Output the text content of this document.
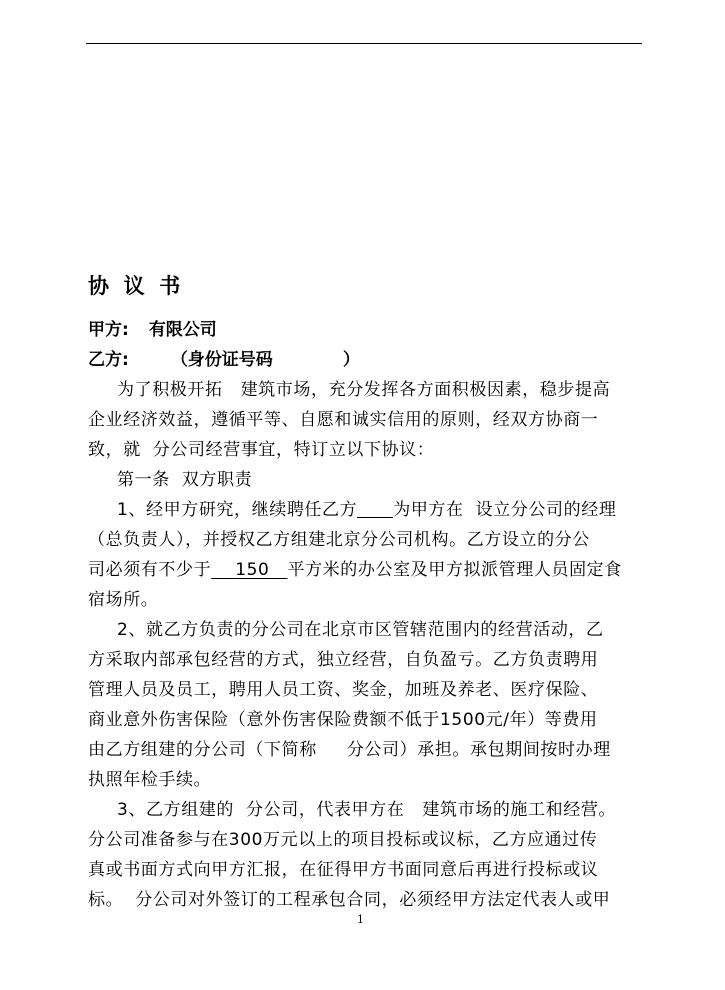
协  议  书
甲方: 有限公司
乙方: （身份证号码	）
为了积极开拓   建筑市场，充分发挥各方面积极因素，稳步提高
企业经济效益，遵循平等、自愿和诚实信用的原则，经双方协商一
致，就  分公司经营事宜，特订立以下协议：
第一条  双方职责
1、经甲方研究，继续聘任乙方 为甲方在  设立分公司的经理
（总负责人），并授权乙方组建北京分公司机构。乙方设立的分公
司必须有不少于 150 平方米的办公室及甲方拟派管理人员固定食
宿场所。
2、就乙方负责的分公司在北京市区管辖范围内的经营活动，乙
方采取内部承包经营的方式，独立经营，自负盈亏。乙方负责聘用
管理人员及员工，聘用人员工资、奖金，加班及养老、医疗保险、
商业意外伤害保险（意外伤害保险费额不低于1500元/年）等费用
由乙方组建的分公司（下简称     分公司）承担。承包期间按时办理
执照年检手续。
3、乙方组建的  分公司，代表甲方在   建筑市场的施工和经营。
分公司准备参与在300万元以上的项目投标或议标，乙方应通过传
真或书面方式向甲方汇报，在征得甲方书面同意后再进行投标或议
标。  分公司对外签订的工程承包合同，必须经甲方法定代表人或甲
1
